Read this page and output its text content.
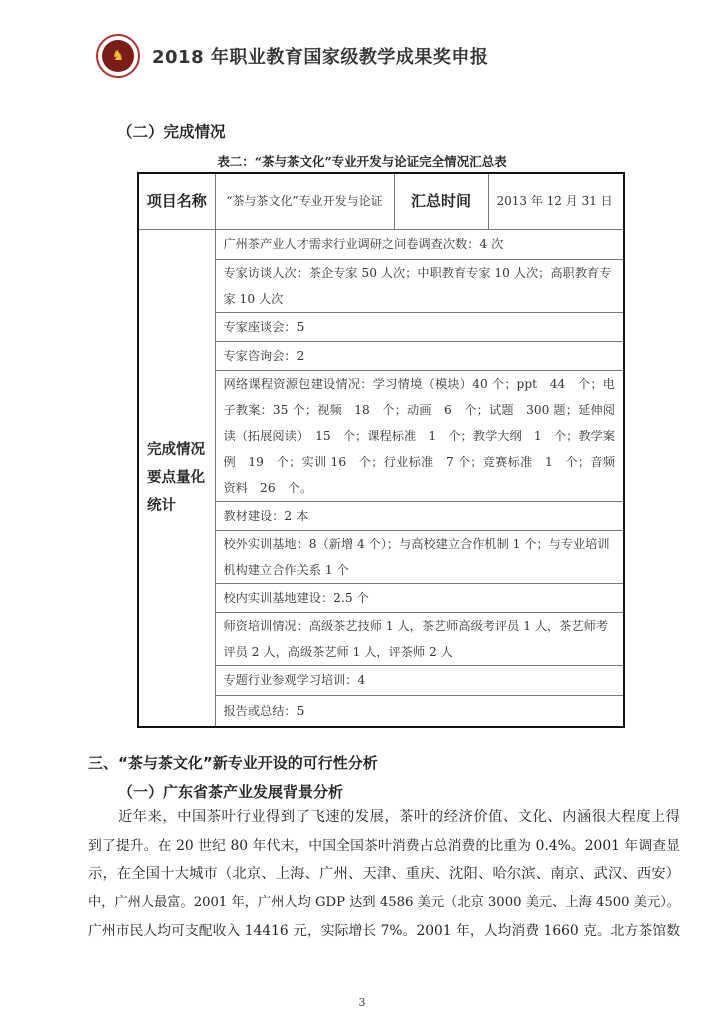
♞	2018 年职业教育国家级教学成果奖申报
（二）完成情况
表二：“茶与茶文化”专业开发与论证完全情况汇总表
项目名称	“茶与茶文化”专业开发与论证	汇总时间	2013 年 12 月 31 日
完成情况要点量化统计	广州茶产业人才需求行业调研之问卷调查次数：4 次		
	专家访谈人次：茶企专家 50 人次；中职教育专家 10 人次；高职教育专家 10 人次		
	专家座谈会：5		
	专家咨询会：2		
	网络课程资源包建设情况：学习情境（模块）40 个；ppt　44　个；电子教案：35 个；视频　18　个；动画　6　个；试题　300 题；延伸阅读（拓展阅读）　15　个；课程标准　1　个；教学大纲　1　个；教学案例　19　个；实训 16　个；行业标准　7 个；竞赛标准　1　个；音频资料　26　个。		
	教材建设：2 本		
	校外实训基地：8（新增 4 个）；与高校建立合作机制 1 个；与专业培训机构建立合作关系 1 个		
	校内实训基地建设：2.5 个		
	师资培训情况：高级茶艺技师 1 人，茶艺师高级考评员 1 人，茶艺师考评员 2 人，高级茶艺师 1 人，评茶师 2 人		
	专题行业参观学习培训：4		
	报告或总结：5		
三、“茶与茶文化”新专业开设的可行性分析
（一）广东省茶产业发展背景分析
近年来，中国茶叶行业得到了飞速的发展，茶叶的经济价值、文化、内涵很大程度上得
到了提升。在 20 世纪 80 年代末，中国全国茶叶消费占总消费的比重为 0.4%。2001 年调查显
示，在全国十大城市（北京、上海、广州、天津、重庆、沈阳、哈尔滨、南京、武汉、西安）
中，广州人最富。2001 年，广州人均 GDP 达到 4586 美元（北京 3000 美元、上海 4500 美元）。
广州市民人均可支配收入 14416 元，实际增长 7%。2001 年，人均消费 1660 克。北方茶馆数
3
